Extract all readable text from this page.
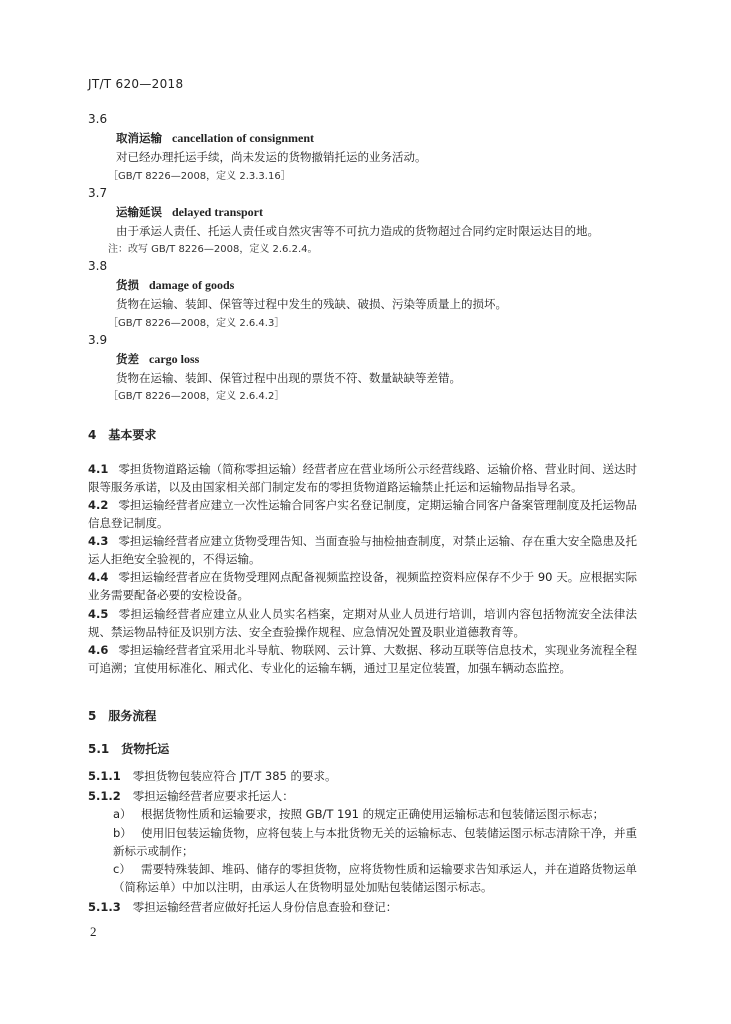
JT/T 620—2018
3.6
取消运输 cancellation of consignment
对已经办理托运手续，尚未发运的货物撤销托运的业务活动。
［GB/T 8226—2008，定义 2.3.3.16］
3.7
运输延误 delayed transport
由于承运人责任、托运人责任或自然灾害等不可抗力造成的货物超过合同约定时限运达目的地。
注：改写 GB/T 8226—2008，定义 2.6.2.4。
3.8
货损 damage of goods
货物在运输、装卸、保管等过程中发生的残缺、破损、污染等质量上的损坏。
［GB/T 8226—2008，定义 2.6.4.3］
3.9
货差 cargo loss
货物在运输、装卸、保管过程中出现的票货不符、数量缺缺等差错。
［GB/T 8226—2008，定义 2.6.4.2］
4　基本要求
4.1 零担货物道路运输（简称零担运输）经营者应在营业场所公示经营线路、运输价格、营业时间、送达时限等服务承诺，以及由国家相关部门制定发布的零担货物道路运输禁止托运和运输物品指导名录。
4.2 零担运输经营者应建立一次性运输合同客户实名登记制度，定期运输合同客户备案管理制度及托运物品信息登记制度。
4.3 零担运输经营者应建立货物受理告知、当面查验与抽检抽查制度，对禁止运输、存在重大安全隐患及托运人拒绝安全验视的，不得运输。
4.4 零担运输经营者应在货物受理网点配备视频监控设备，视频监控资料应保存不少于 90 天。应根据实际业务需要配备必要的安检设备。
4.5 零担运输经营者应建立从业人员实名档案，定期对从业人员进行培训，培训内容包括物流安全法律法规、禁运物品特征及识别方法、安全查验操作规程、应急情况处置及职业道德教育等。
4.6 零担运输经营者宜采用北斗导航、物联网、云计算、大数据、移动互联等信息技术，实现业务流程全程可追溯；宜使用标准化、厢式化、专业化的运输车辆，通过卫星定位装置，加强车辆动态监控。
5　服务流程
5.1　货物托运
5.1.1 零担货物包装应符合 JT/T 385 的要求。
5.1.2 零担运输经营者应要求托运人：
a） 根据货物性质和运输要求，按照 GB/T 191 的规定正确使用运输标志和包装储运图示标志；
b） 使用旧包装运输货物，应将包装上与本批货物无关的运输标志、包装储运图示标志清除干净，并重新标示或制作；
c） 需要特殊装卸、堆码、储存的零担货物，应将货物性质和运输要求告知承运人，并在道路货物运单（简称运单）中加以注明，由承运人在货物明显处加贴包装储运图示标志。
5.1.3 零担运输经营者应做好托运人身份信息查验和登记：
2
